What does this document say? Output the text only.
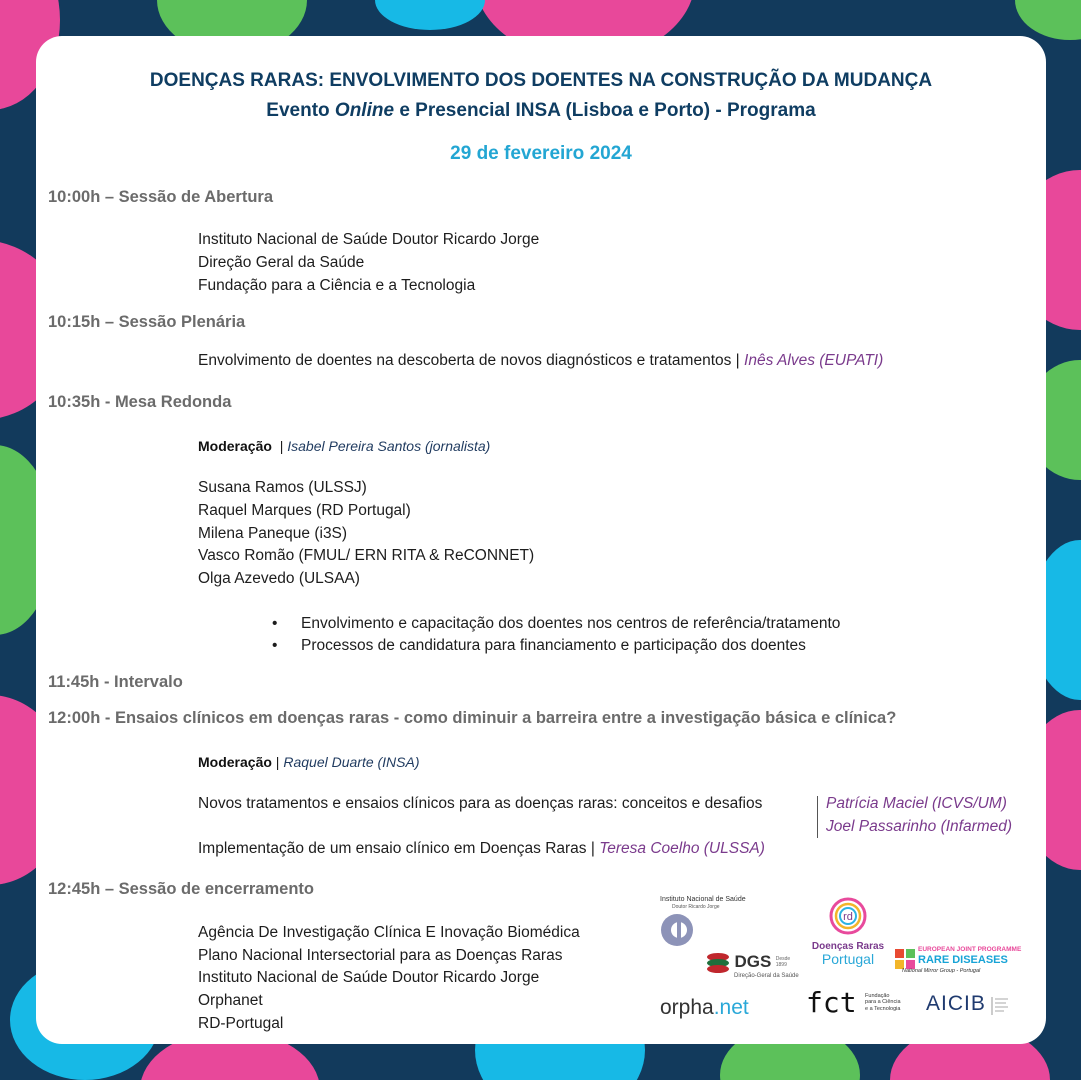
DOENÇAS RARAS: ENVOLVIMENTO DOS DOENTES NA CONSTRUÇÃO DA MUDANÇA
Evento Online e Presencial INSA (Lisboa e Porto) - Programa
29 de fevereiro 2024
10:00h – Sessão de Abertura
Instituto Nacional de Saúde Doutor Ricardo Jorge
Direção Geral da Saúde
Fundação para a Ciência e a Tecnologia
10:15h – Sessão Plenária
Envolvimento de doentes na descoberta de novos diagnósticos e tratamentos | Inês Alves (EUPATI)
10:35h - Mesa Redonda
Moderação  | Isabel Pereira Santos (jornalista)
Susana Ramos (ULSSJ)
Raquel Marques (RD Portugal)
Milena Paneque (i3S)
Vasco Romão (FMUL/ ERN RITA & ReCONNET)
Olga Azevedo (ULSAA)
• Envolvimento e capacitação dos doentes nos centros de referência/tratamento
• Processos de candidatura para financiamento e participação dos doentes
11:45h - Intervalo
12:00h - Ensaios clínicos em doenças raras - como diminuir a barreira entre a investigação básica e clínica?
Moderação | Raquel Duarte (INSA)
Novos tratamentos e ensaios clínicos para as doenças raras: conceitos e desafios	Patrícia Maciel (ICVS/UM)
Joel Passarinho (Infarmed)
Implementação de um ensaio clínico em Doenças Raras | Teresa Coelho (ULSSA)
12:45h – Sessão de encerramento
Agência De Investigação Clínica E Inovação Biomédica
Plano Nacional Intersectorial para as Doenças Raras
Instituto Nacional de Saúde Doutor Ricardo Jorge
Orphanet
RD-Portugal
Instituto Nacional de Saúde
Doutor Ricardo Jorge
rd
Doenças Raras
Portugal
DGS Desde 1899
Direção-Geral da Saúde
EUROPEAN JOINT PROGRAMME
RARE DISEASES
National Mirror Group - Portugal
orpha.net fct Fundação
para a Ciência
e a Tecnologia AICIB
